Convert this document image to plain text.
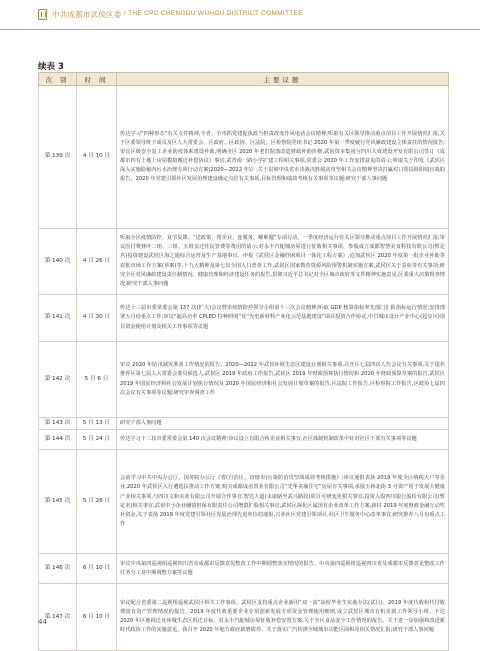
中共成都市武侯区委 / THE CPC CHENGDU WUHOU DISTRICT COMMITTEE
续表 3
次 别	时 间	主要议题
第 139 次	4 月 10 日	传达学习“四种形态”有关文件精神,全省、全市抓党建促执政当担责改变作风电话会议精神;听取有关区领导推动重点项目工作开展情况汇报,关于区委领导班子成员及区人大常委会、区政府、区政协、区法院、区检察院党组书记 2020 年第一季度履行党风廉政建设主体责任的情况报告;审议区级安全复工企业防疫体系建设补助,明确全区 2020 年老旧院落改造财政补助价格,武侯资本集团与四川大成建设开发有限公司签订《成都市四有土地上房屋模拟搬迁补偿协议》事宜,武青南一路小学扩建工程相关事项,常委会 2020 年工作安排意见的请示;听取关于印发《武侯区深入实施隐秘内污水治理专项行动方案(2020—2022 年)》,关于贯彻中央省市决战决胜脱贫攻坚相关会议精神坚决打赢对口帮扶简阳收官战的报告、2020 年党建引领社区发展治理建设确定点位有关事项,目标管理和绩效考核有关事项等议题;研究干部人事问题
第 140 次	4 月 26 日	听取全区疫情防控、复学复课、“送政策、帮企业、连服务、解难题”专项行动、一季度经济运行有关区领导推动重点项目工作开展情况汇报;审议医付费林叶二组、三组、五组亲迁住民管费等费用的请示,对永丰汽配城房屋进行征收相关事项、参股成立成都智慧美食科技有限公司(暂定名)投资建设武侯区海之通综合运营及生产基地事宜、申报《武侯区金融纾困项目一体化工程方案》,追加武侯区 2020 年度第一批企业补助等农批市场工作方案(草案)等,十九大精神及第七次全国人口普查工作,武侯区国家教育资源风险预警机制实施方案,武侯区关于表彰等有关事项;研究全区党风廉政建设责任制情况、健康管理和经济建设任务的报告,贯彻习近平总书记对全区城市政府等文件精神实施意见,区委重大决策督查情况;研究干部人事问题
第 141 次	4 月 30 日	传达十三届市委常委会第 137 次(扩大)会议暨市疫情防控领导小组第十三次会议精神;听取 GDP 核算指标率先部门汇报指标运行情况;安排部署五月份重点工作;审议“超高功率 CPLED 特种照明”及“光电新材料产业化示范基地建设”项目投资合作协议,中日城市设计产业中心(起步区)项目资金使用计划及相关工作事项等议题
第 142 次	5 月 6 日	审议 2020 年防汛减灾准备工作情况的报告、2020—2022 年武侯环境生态区建设计划相关事项,召开区七届四次人代会议有关事项,关于提名推荐区第七届人大常委会委员候选人,武侯区 2019 年政府工作报告,武侯区 2019 年财政预算执行情况和 2020 年财政预算草案的报告,武侯区 2019 年国民经济和社会发展计划执行情况及 2020 年国民经济和社会发展计划草案的报告,区法院工作报告,区检察院工作报告,区政协七届四次会议有关事项等议题;研究审查调查工作
第 143 次	5 月 13 日	研究干部人事问题
第 144 次	5 月 24 日	传达学习十三届市委常委会第 140 次会议精神;审议设立有限合伙企业相关事宜,社区体制机制改革中针对社区干部有关事项等议题
第 145 次	5 月 28 日	会前学习中共中央办公厅、国务院办公厅《省(自治区、直辖市)污染防治攻坚战成效考核措施》;审议通报表扬 2019 年度全区纳税大户等企业,2020 年武侯区入行遴选扶推动工作方案,购买成都成房置业有限公司“光华美瑜住宅”房屋有关事项,承接玉林北街 3 号资产用于发展大健康产业相关事项,与四川文和实业有限公司开展合作事宜,智达大道(永康路至武兴路段)项目可研变更相关事宜,投资入股四川银行股份有限公司(暂定名)相关事宜,武侯中小企业融资担保有限责任公司增资扩股相关事宜,武侯区深化区属国有企业改革工作方案,我村 2019 年度财政金融互动奖补资金,关于表扬 2019 年度党建引领社区发展治理先进单位的通报,兴业社区党建引领项目,社区卫生服务中心改革事宜;研究推荐八月份重点工作
第 146 次	6 月 10 日	审议中央第四巡视组巡视四川省及成都市反馈意见整改工作中期调整落实情况的报告、中央第四巡视组巡视四川省及成都市反馈意见整改工作任务分工及中期调整方案等议题
第 147 次	6 月 10 日	审议配合省委第二巡视组巡视武侯区相关工作事项、武侯区支持重点企业新用“双一流”高校毕业生实施办法(试行)、2019 年度代收和代付收费国有资产管理情况的报告、2019 年度代收重要企业专项创新发展专项资金管理使用细则,成立武侯区城市有机更新工作领导小组、下达 2020 年区地拆迁及环城生态区拆迁目标、对永丰汽配城房屋征收补偿安置方案,关于全区食品安全工作情况的报告、关于进一步加强和改进新时代政协工作的实施意见、我召开 2020 年地方政府新增债券、关于落实广汽传祺全域城市功能区面积及相关情况汇报;研究干部人事问题
44
